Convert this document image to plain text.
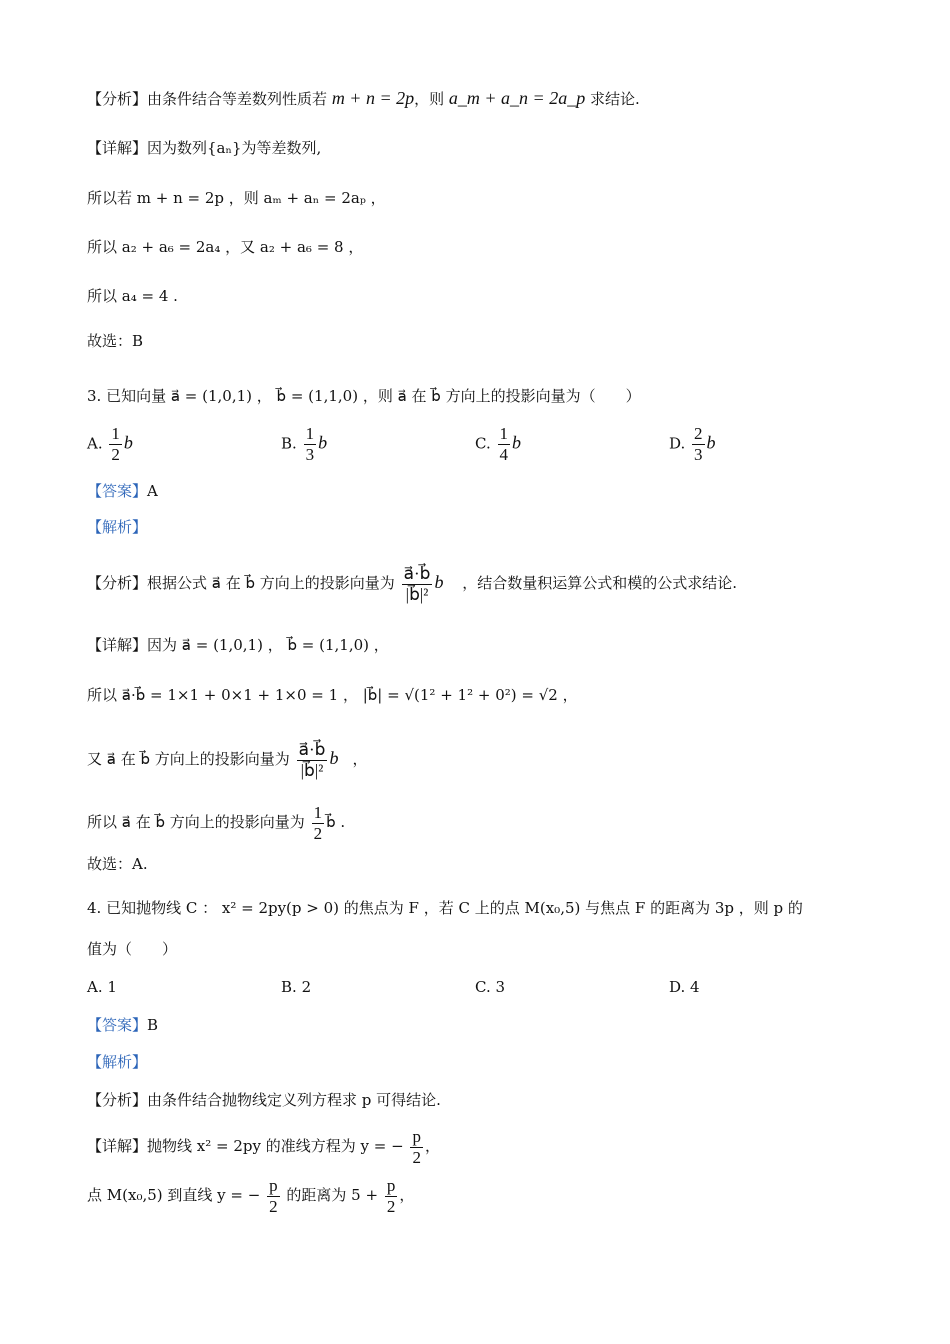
【分析】由条件结合等差数列性质若 m + n = 2p，则 a_m + a_n = 2a_p 求结论.
【详解】因为数列{aₙ}为等差数列,
所以若 m + n = 2p ，则 aₘ + aₙ = 2aₚ ，
所以 a₂ + a₆ = 2a₄ ，又 a₂ + a₆ = 8 ，
所以 a₄ = 4 .
故选：B
3. 已知向量 a⃗ = (1,0,1) ， b⃗ = (1,1,0) ，则 a⃗ 在 b⃗ 方向上的投影向量为（　　）
A. $\frac{1}{2}$ b	B. $\frac{1}{3}$ b⃗	C. $\frac{1}{4}$ b⃗	D. $\frac{2}{3}$ b⃗
【答案】A
【解析】
【分析】根据公式 a⃗ 在 b⃗ 方向上的投影向量为 $\frac{a⃗\cdot b⃗}{\text{|b⃗|²}}$ b⃗ ，结合数量积运算公式和模的公式求结论.
【详解】因为 a⃗ = (1,0,1) ， b⃗ = (1,1,0) ，
所以 a⃗·b⃗ = 1×1 + 0×1 + 1×0 = 1 ， |b⃗| = √(1² + 1² + 0²) = √2 ，
又 a⃗ 在 b⃗ 方向上的投影向量为 $\frac{a⃗\cdot b⃗}{\text{|b⃗|²}}$ b⃗，
所以 a⃗ 在 b⃗ 方向上的投影向量为 $\frac{1}{2}$ b⃗ .
故选：A.
4. 已知抛物线 C ： x² = 2py(p > 0) 的焦点为 F ，若 C 上的点 M(x₀,5) 与焦点 F 的距离为 3p ，则 p 的
值为（　　）
A. 1	B. 2	C. 3	D. 4
【答案】B
【解析】
【分析】由条件结合抛物线定义列方程求 p 可得结论.
【详解】抛物线 x² = 2py 的准线方程为 y = − $\frac{p}{2}$ ，
点 M(x₀,5) 到直线 y = − $\frac{p}{2}$ 的距离为 $5 + \frac{p}{2}$ ，
